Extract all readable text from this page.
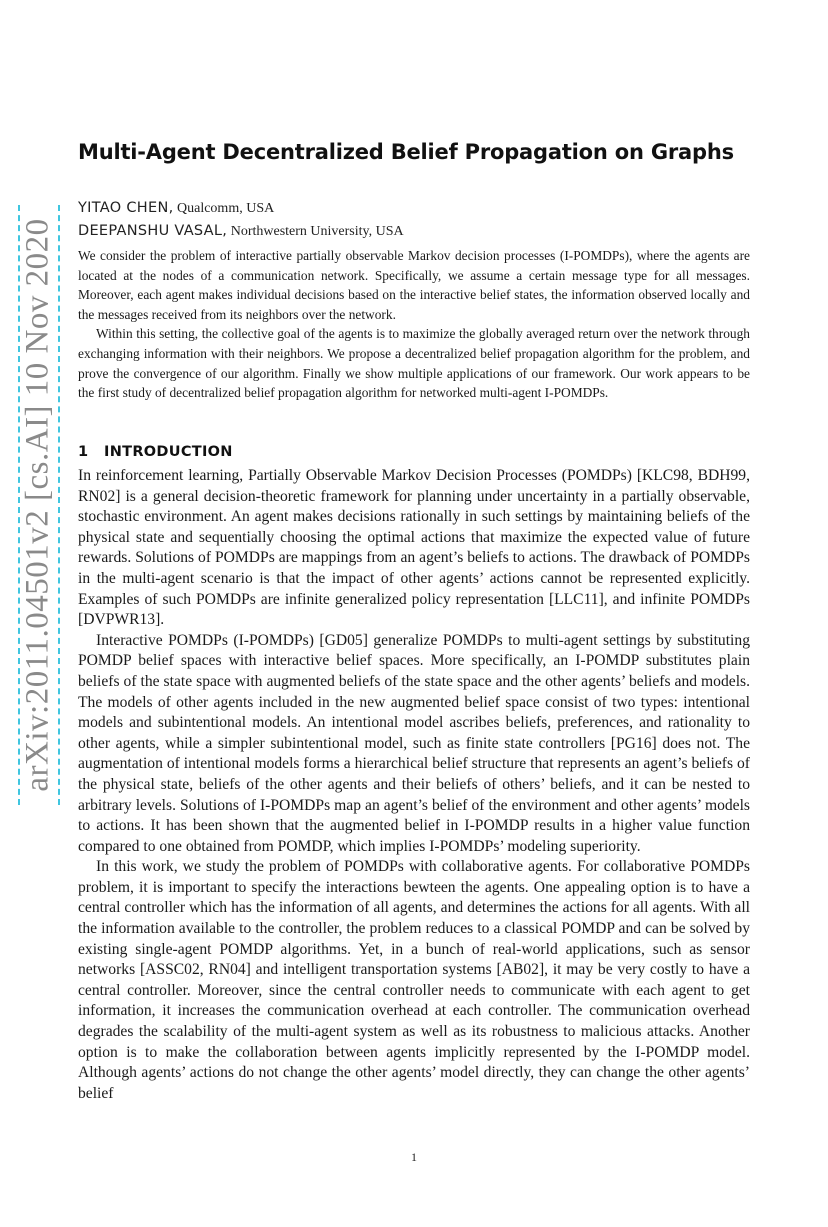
arXiv:2011.04501v2 [cs.AI] 10 Nov 2020
Multi-Agent Decentralized Belief Propagation on Graphs
YITAO CHEN, Qualcomm, USA
DEEPANSHU VASAL, Northwestern University, USA

We consider the problem of interactive partially observable Markov decision processes (I-POMDPs), where the agents are located at the nodes of a communication network. Specifically, we assume a certain message type for all messages. Moreover, each agent makes individual decisions based on the interactive belief states, the information observed locally and the messages received from its neighbors over the network.

Within this setting, the collective goal of the agents is to maximize the globally averaged return over the network through exchanging information with their neighbors. We propose a decentralized belief propagation algorithm for the problem, and prove the convergence of our algorithm. Finally we show multiple applications of our framework. Our work appears to be the first study of decentralized belief propagation algorithm for networked multi-agent I-POMDPs.

1 INTRODUCTION

In reinforcement learning, Partially Observable Markov Decision Processes (POMDPs) [KLC98, BDH99, RN02] is a general decision-theoretic framework for planning under uncertainty in a partially observable, stochastic environment. An agent makes decisions rationally in such settings by maintaining beliefs of the physical state and sequentially choosing the optimal actions that maximize the expected value of future rewards. Solutions of POMDPs are mappings from an agent’s beliefs to actions. The drawback of POMDPs in the multi-agent scenario is that the impact of other agents’ actions cannot be represented explicitly. Examples of such POMDPs are infinite generalized policy representation [LLC11], and infinite POMDPs [DVPWR13].

Interactive POMDPs (I-POMDPs) [GD05] generalize POMDPs to multi-agent settings by substituting POMDP belief spaces with interactive belief spaces. More specifically, an I-POMDP substitutes plain beliefs of the state space with augmented beliefs of the state space and the other agents’ beliefs and models. The models of other agents included in the new augmented belief space consist of two types: intentional models and subintentional models. An intentional model ascribes beliefs, preferences, and rationality to other agents, while a simpler subintentional model, such as finite state controllers [PG16] does not. The augmentation of intentional models forms a hierarchical belief structure that represents an agent’s beliefs of the physical state, beliefs of the other agents and their beliefs of others’ beliefs, and it can be nested to arbitrary levels. Solutions of I-POMDPs map an agent’s belief of the environment and other agents’ models to actions. It has been shown that the augmented belief in I-POMDP results in a higher value function compared to one obtained from POMDP, which implies I-POMDPs’ modeling superiority.

In this work, we study the problem of POMDPs with collaborative agents. For collaborative POMDPs problem, it is important to specify the interactions bewteen the agents. One appealing option is to have a central controller which has the information of all agents, and determines the actions for all agents. With all the information available to the controller, the problem reduces to a classical POMDP and can be solved by existing single-agent POMDP algorithms. Yet, in a bunch of real-world applications, such as sensor networks [ASSC02, RN04] and intelligent transportation systems [AB02], it may be very costly to have a central controller. Moreover, since the central controller needs to communicate with each agent to get information, it increases the communication overhead at each controller. The communication overhead degrades the scalability of the multi-agent system as well as its robustness to malicious attacks. Another option is to make the collaboration between agents implicitly represented by the I-POMDP model. Although agents’ actions do not change the other agents’ model directly, they can change the other agents’ belief

1
